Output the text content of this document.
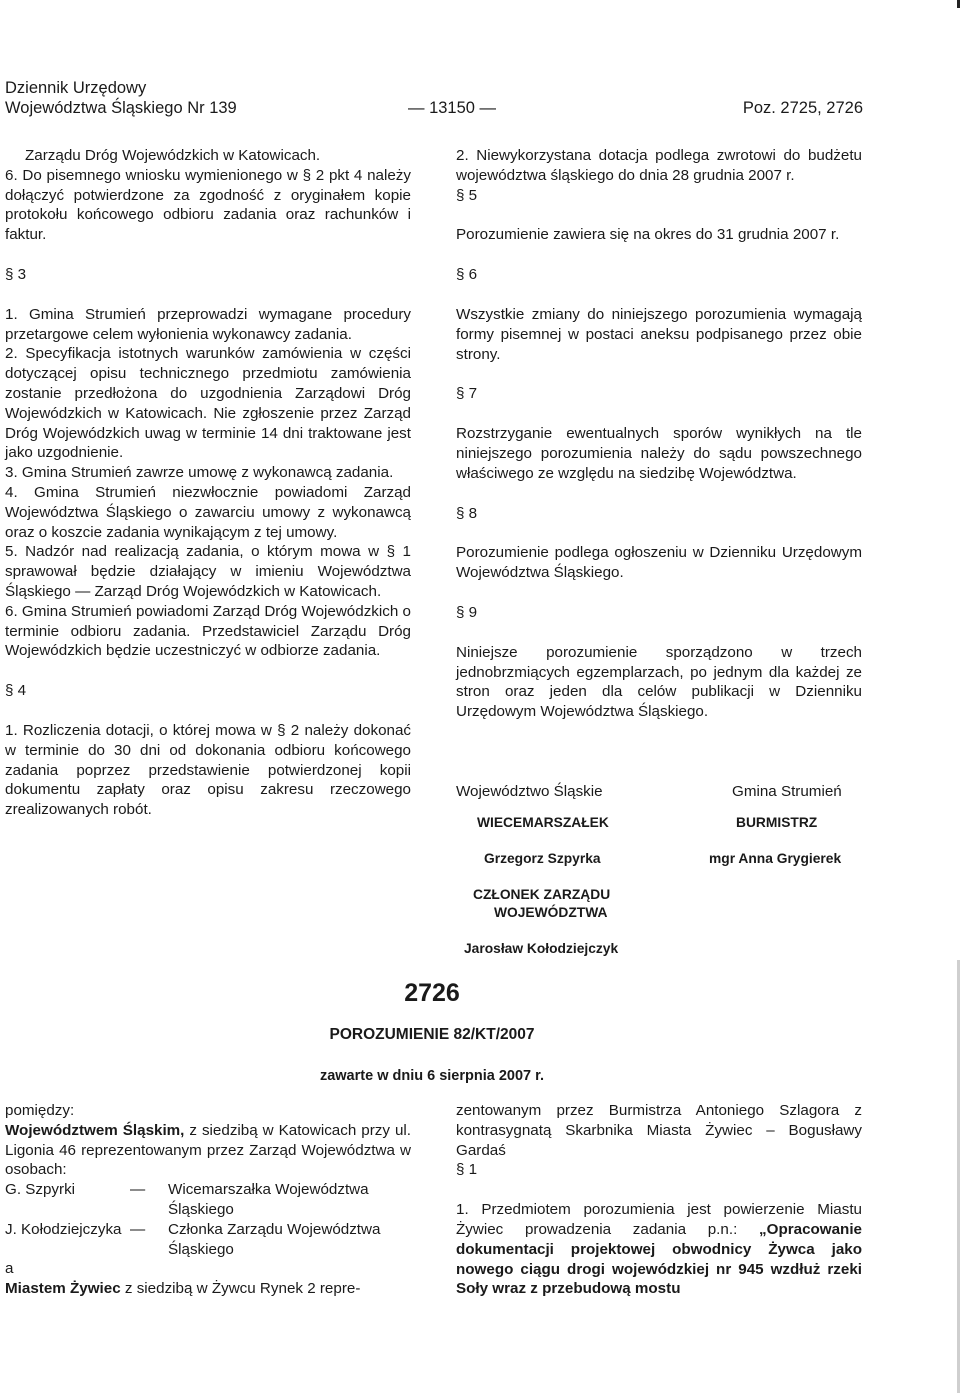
Dziennik Urzędowy
Województwa Śląskiego Nr 139	— 13150 —	Poz. 2725, 2726

Zarządu Dróg Wojewódzkich w Katowicach.

6. Do pisemnego wniosku wymienionego w § 2 pkt 4 należy dołączyć potwierdzone za zgodność z oryginałem kopie protokołu końcowego odbioru zadania oraz rachunków i faktur.

§ 3

1. Gmina Strumień przeprowadzi wymagane procedury przetargowe celem wyłonienia wykonawcy zadania.

2. Specyfikacja istotnych warunków zamówienia w części dotyczącej opisu technicznego przedmiotu zamówienia zostanie przedłożona do uzgodnienia Zarządowi Dróg Wojewódzkich w Katowicach. Nie zgłoszenie przez Zarząd Dróg Wojewódzkich uwag w terminie 14 dni traktowane jest jako uzgodnienie.

3. Gmina Strumień zawrze umowę z wykonawcą zadania.

4. Gmina Strumień niezwłocznie powiadomi Zarząd Województwa Śląskiego o zawarciu umowy z wykonawcą oraz o koszcie zadania wynikającym z tej umowy.

5. Nadzór nad realizacją zadania, o którym mowa w § 1 sprawował będzie działający w imieniu Województwa Śląskiego — Zarząd Dróg Wojewódzkich w Katowicach.

6. Gmina Strumień powiadomi Zarząd Dróg Wojewódzkich o terminie odbioru zadania. Przedstawiciel Zarządu Dróg Wojewódzkich będzie uczestniczyć w odbiorze zadania.

§ 4

1. Rozliczenia dotacji, o której mowa w § 2 należy dokonać w terminie do 30 dni od dokonania odbioru końcowego zadania poprzez przedstawienie potwierdzonej kopii dokumentu zapłaty oraz opisu zakresu rzeczowego zrealizowanych robót.

2. Niewykorzystana dotacja podlega zwrotowi do budżetu województwa śląskiego do dnia 28 grudnia 2007 r.

§ 5

Porozumienie zawiera się na okres do 31 grudnia 2007 r.

§ 6

Wszystkie zmiany do niniejszego porozumienia wymagają formy pisemnej w postaci aneksu podpisanego przez obie strony.

§ 7

Rozstrzyganie ewentualnych sporów wynikłych na tle niniejszego porozumienia należy do sądu powszechnego właściwego ze względu na siedzibę Województwa.

§ 8

Porozumienie podlega ogłoszeniu w Dzienniku Urzędowym Województwa Śląskiego.

§ 9

Niniejsze porozumienie sporządzono w trzech jednobrzmiących egzemplarzach, po jednym dla każdej ze stron oraz jeden dla celów publikacji w Dzienniku Urzędowym Województwa Śląskiego.

Województwo Śląskie	Gmina Strumień
WIECEMARSZAŁEK	BURMISTRZ
Grzegorz Szpyrka	mgr Anna Grygierek
CZŁONEK ZARZĄDU
WOJEWÓDZTWA
Jarosław Kołodziejczyk
2726
POROZUMIENIE 82/KT/2007
zawarte w dniu 6 sierpnia 2007 r.

pomiędzy:

Województwem Śląskim, z siedzibą w Katowicach przy ul. Ligonia 46 reprezentowanym przez Zarząd Województwa w osobach:

G. Szpyrki	—	Wicemarszałka Województwa Śląskiego
J. Kołodziejczyka —	Członka Zarządu Województwa Śląskiego

a

Miastem Żywiec z siedzibą w Żywcu Rynek 2 repre-

zentowanym przez Burmistrza Antoniego Szlagora z kontrasygnatą Skarbnika Miasta Żywiec – Bogusławy Gardaś

§ 1

1. Przedmiotem porozumienia jest powierzenie Miastu Żywiec prowadzenia zadania p.n.: „Opracowanie dokumentacji projektowej obwodnicy Żywca jako nowego ciągu drogi wojewódzkiej nr 945 wzdłuż rzeki Soły wraz z przebudową mostu
